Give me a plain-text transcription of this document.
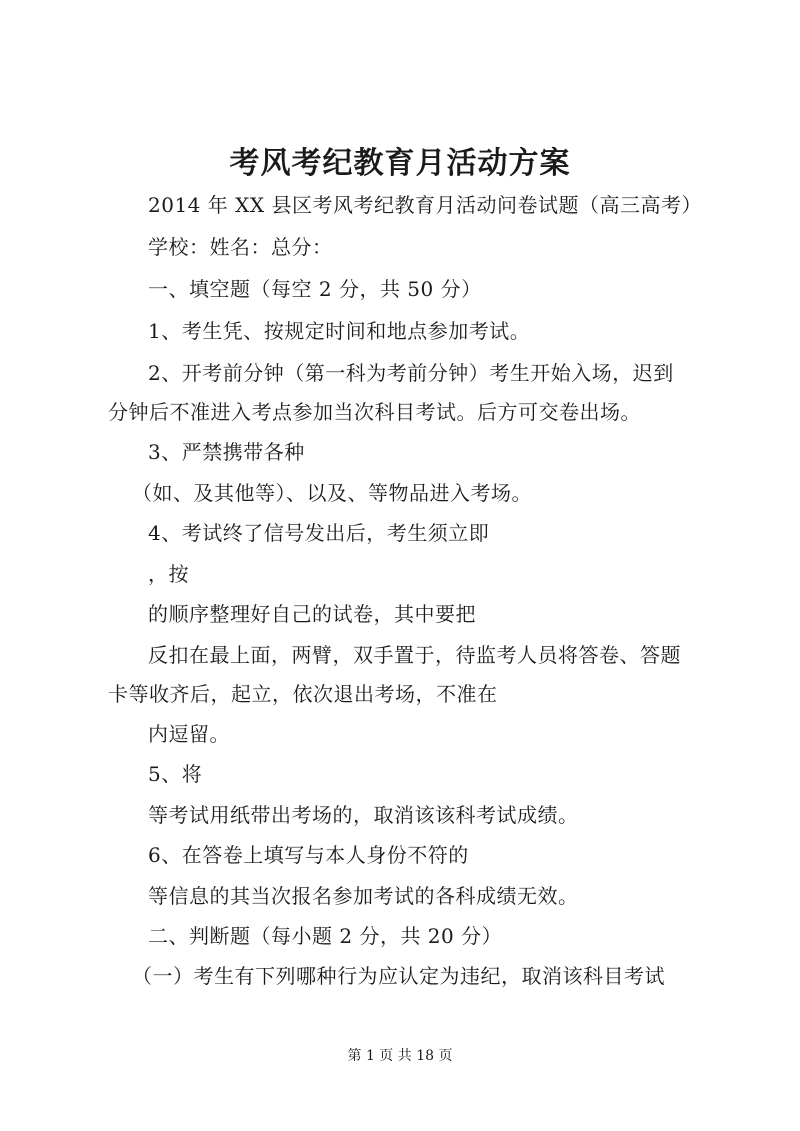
考风考纪教育月活动方案
2014 年 XX 县区考风考纪教育月活动问卷试题（高三高考）
学校：姓名：总分：
一、填空题（每空 2 分，共 50 分）
1、考生凭、按规定时间和地点参加考试。
2、开考前分钟（第一科为考前分钟）考生开始入场，迟到
分钟后不准进入考点参加当次科目考试。后方可交卷出场。
3、严禁携带各种
（如、及其他等）、以及、等物品进入考场。
4、考试终了信号发出后，考生须立即
，按
的顺序整理好自己的试卷，其中要把
反扣在最上面，两臂，双手置于，待监考人员将答卷、答题
卡等收齐后，起立，依次退出考场，不准在
内逗留。
5、将
等考试用纸带出考场的，取消该该科考试成绩。
6、在答卷上填写与本人身份不符的
等信息的其当次报名参加考试的各科成绩无效。
二、判断题（每小题 2 分，共 20 分）
（一）考生有下列哪种行为应认定为违纪，取消该科目考试
第 1 页 共 18 页
